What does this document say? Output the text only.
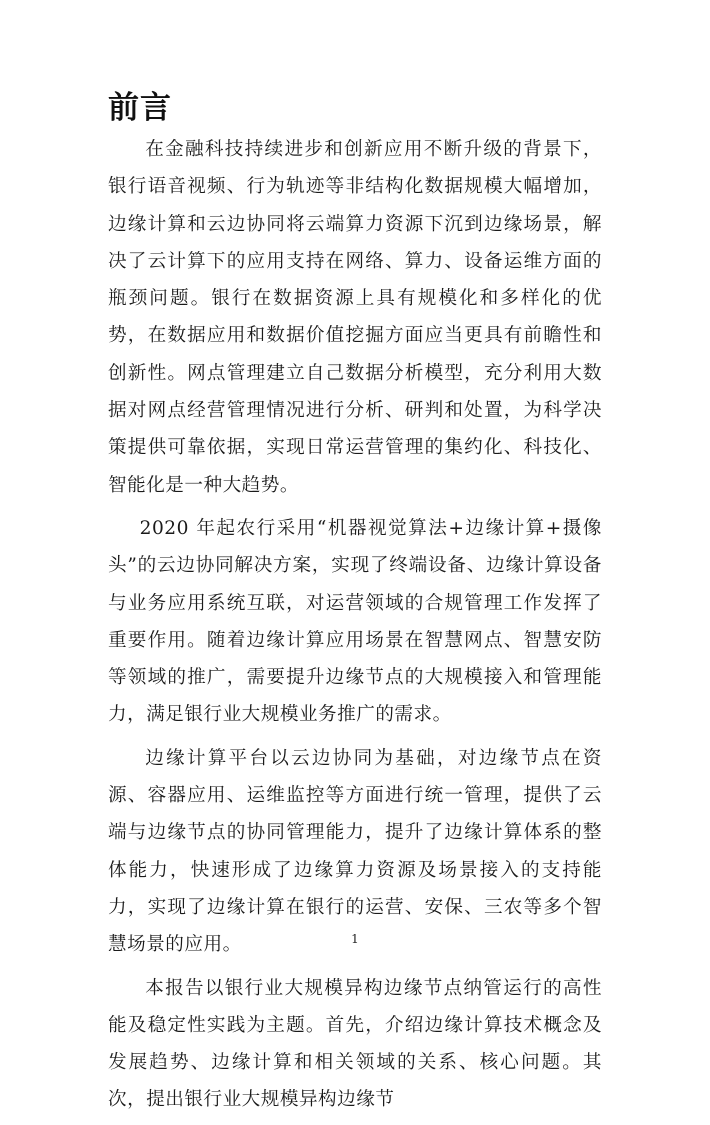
前言

在金融科技持续进步和创新应用不断升级的背景下，银行语音视频、行为轨迹等非结构化数据规模大幅增加，边缘计算和云边协同将云端算力资源下沉到边缘场景，解决了云计算下的应用支持在网络、算力、设备运维方面的瓶颈问题。银行在数据资源上具有规模化和多样化的优势，在数据应用和数据价值挖掘方面应当更具有前瞻性和创新性。网点管理建立自己数据分析模型，充分利用大数据对网点经营管理情况进行分析、研判和处置，为科学决策提供可靠依据，实现日常运营管理的集约化、科技化、智能化是一种大趋势。

2020 年起农行采用“机器视觉算法+边缘计算+摄像头”的云边协同解决方案，实现了终端设备、边缘计算设备与业务应用系统互联，对运营领域的合规管理工作发挥了重要作用。随着边缘计算应用场景在智慧网点、智慧安防等领域的推广，需要提升边缘节点的大规模接入和管理能力，满足银行业大规模业务推广的需求。

边缘计算平台以云边协同为基础，对边缘节点在资源、容器应用、运维监控等方面进行统一管理，提供了云端与边缘节点的协同管理能力，提升了边缘计算体系的整体能力，快速形成了边缘算力资源及场景接入的支持能力，实现了边缘计算在银行的运营、安保、三农等多个智慧场景的应用。

本报告以银行业大规模异构边缘节点纳管运行的高性能及稳定性实践为主题。首先，介绍边缘计算技术概念及发展趋势、边缘计算和相关领域的关系、核心问题。其次，提出银行业大规模异构边缘节

1
